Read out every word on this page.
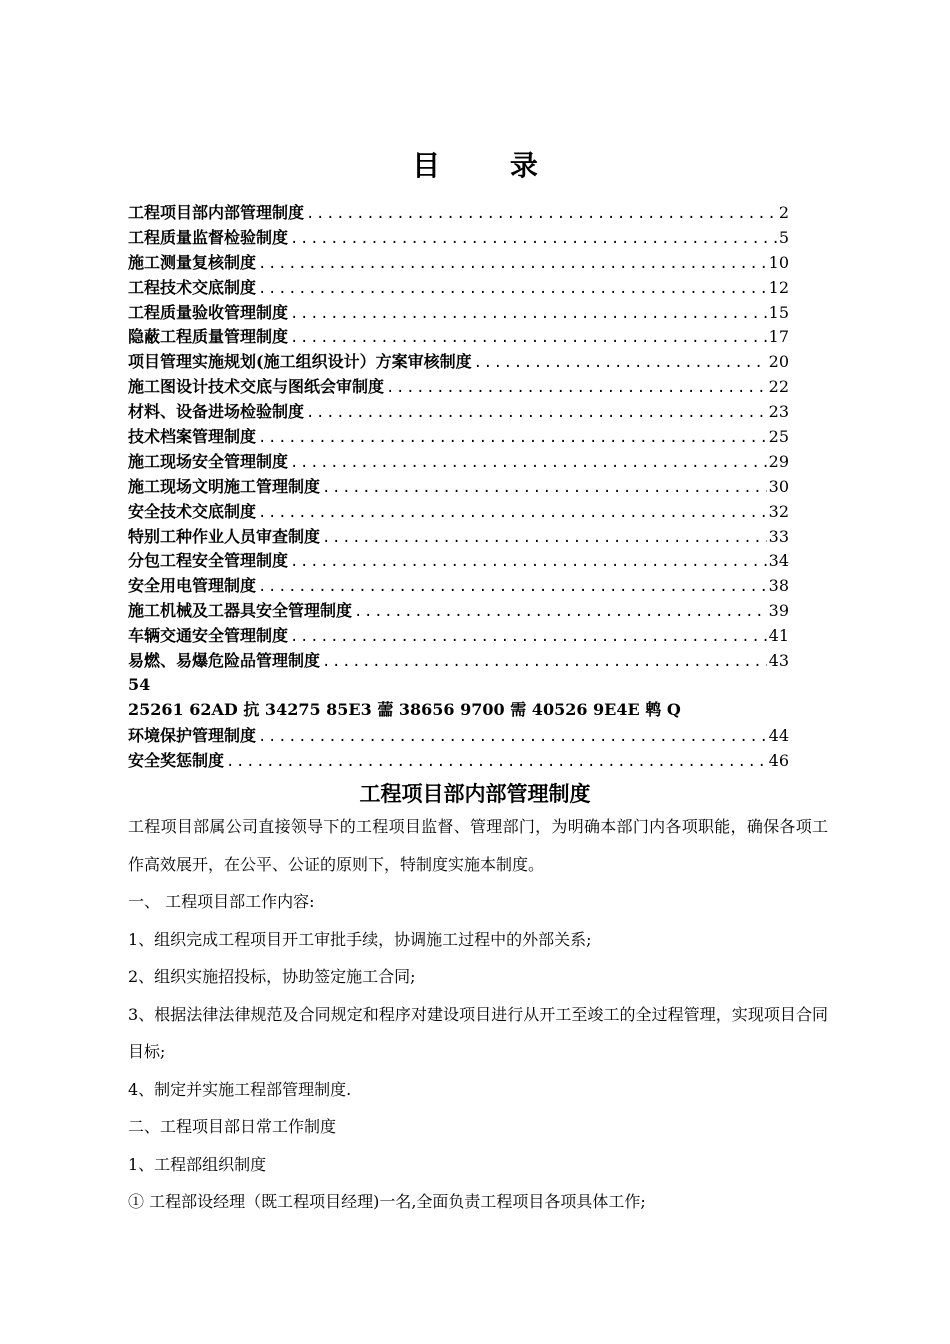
目 录
工程项目部内部管理制度 .....	2
工程质量监督检验制度 .....	5
施工测量复核制度 .....	10
工程技术交底制度 .....	12
工程质量验收管理制度 .....	15
隐蔽工程质量管理制度 .....	17
项目管理实施规划(施工组织设计）方案审核制度 .....	20
施工图设计技术交底与图纸会审制度 .....	22
材料、设备进场检验制度 .....	23
技术档案管理制度 .....	25
施工现场安全管理制度 .....	29
施工现场文明施工管理制度 .....	30
安全技术交底制度 .....	32
特别工种作业人员审查制度 .....	33
分包工程安全管理制度 .....	34
安全用电管理制度 .....	38
施工机械及工器具安全管理制度 .....	39
车辆交通安全管理制度 .....	41
易燃、易爆危险品管理制度 .....	43
54
25261 62AD 抗 34275 85E3 蘦 38656 9700 需 40526 9E4E 鹎 Q
环境保护管理制度 .....	44
安全奖惩制度 .....	46
工程项目部内部管理制度

工程项目部属公司直接领导下的工程项目监督、管理部门，为明确本部门内各项职能，确保各项工作高效展开，在公平、公证的原则下，特制度实施本制度。

一、 工程项目部工作内容:

1、组织完成工程项目开工审批手续，协调施工过程中的外部关系;

2、组织实施招投标，协助签定施工合同;

3、根据法律法律规范及合同规定和程序对建设项目进行从开工至竣工的全过程管理，实现项目合同目标;

4、制定并实施工程部管理制度.

二、工程项目部日常工作制度

1、工程部组织制度

① 工程部设经理（既工程项目经理)一名,全面负责工程项目各项具体工作;
